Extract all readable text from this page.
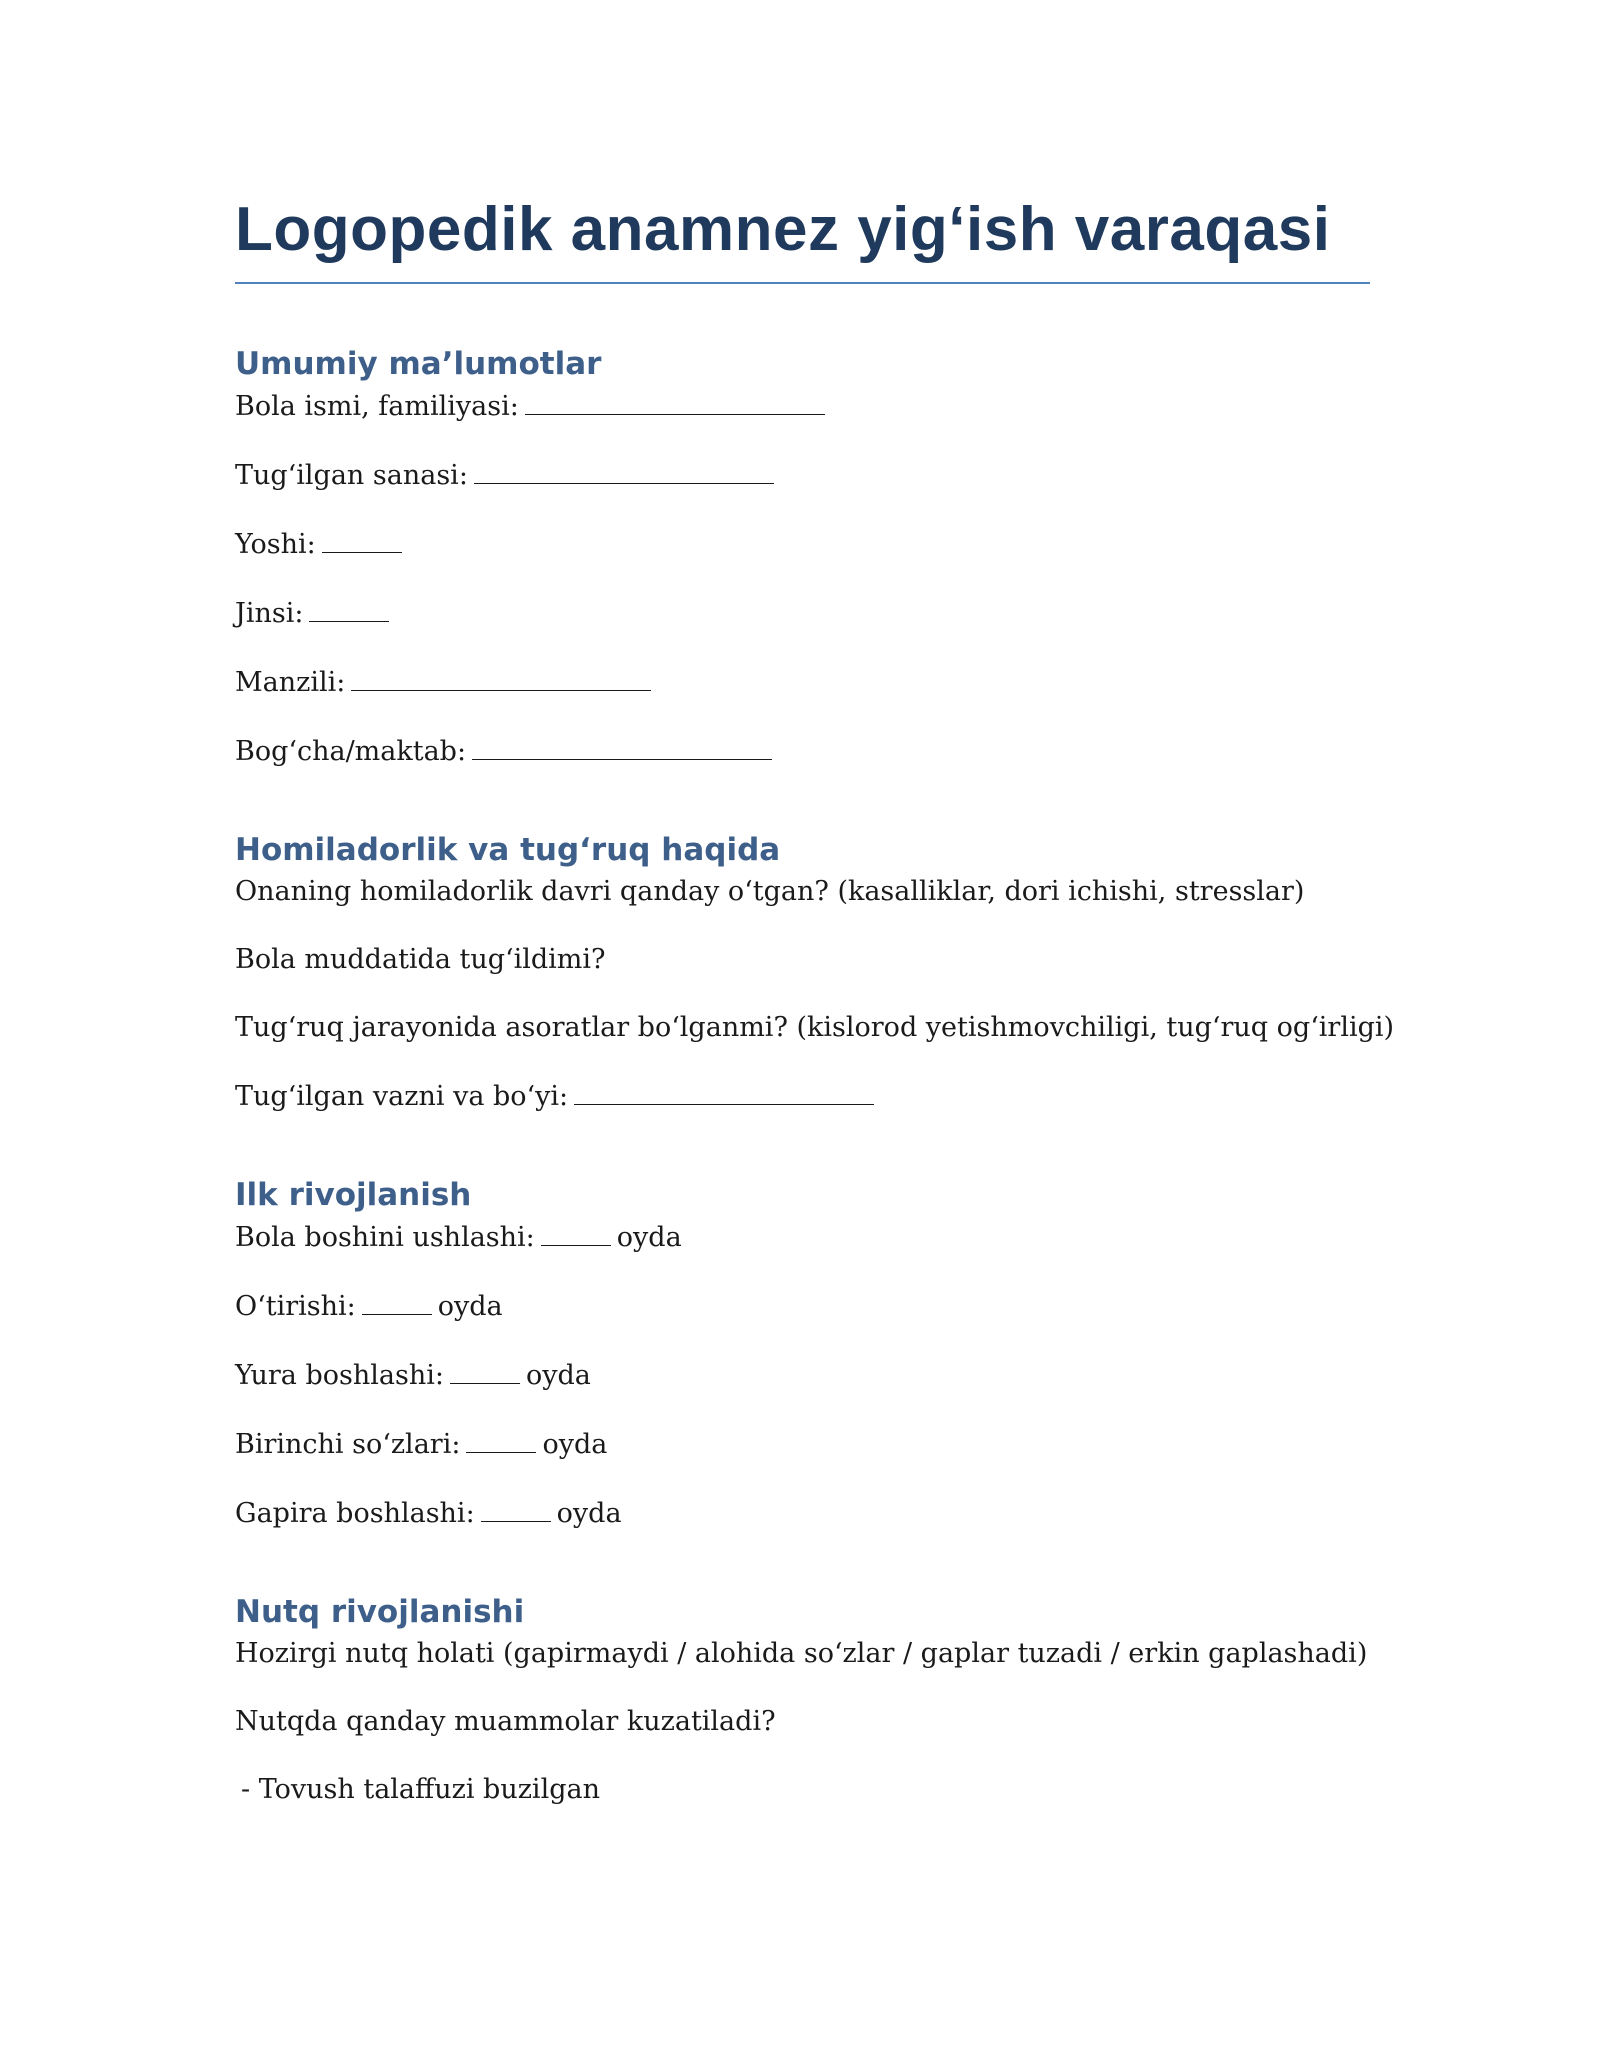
Logopedik anamnez yig‘ish varaqasi
Umumiy ma’lumotlar

Bola ismi, familiyasi:

Tug‘ilgan sanasi:

Yoshi:

Jinsi:

Manzili:

Bog‘cha/maktab:

Homiladorlik va tug‘ruq haqida

Onaning homiladorlik davri qanday o‘tgan? (kasalliklar, dori ichishi, stresslar)

Bola muddatida tug‘ildimi?

Tug‘ruq jarayonida asoratlar bo‘lganmi? (kislorod yetishmovchiligi, tug‘ruq og‘irligi)

Tug‘ilgan vazni va bo‘yi:

Ilk rivojlanish

Bola boshini ushlashi:	oyda

O‘tirishi:	oyda

Yura boshlashi:	oyda

Birinchi so‘zlari:	oyda

Gapira boshlashi:	oyda

Nutq rivojlanishi

Hozirgi nutq holati (gapirmaydi / alohida so‘zlar / gaplar tuzadi / erkin gaplashadi)

Nutqda qanday muammolar kuzatiladi?

- Tovush talaffuzi buzilgan
